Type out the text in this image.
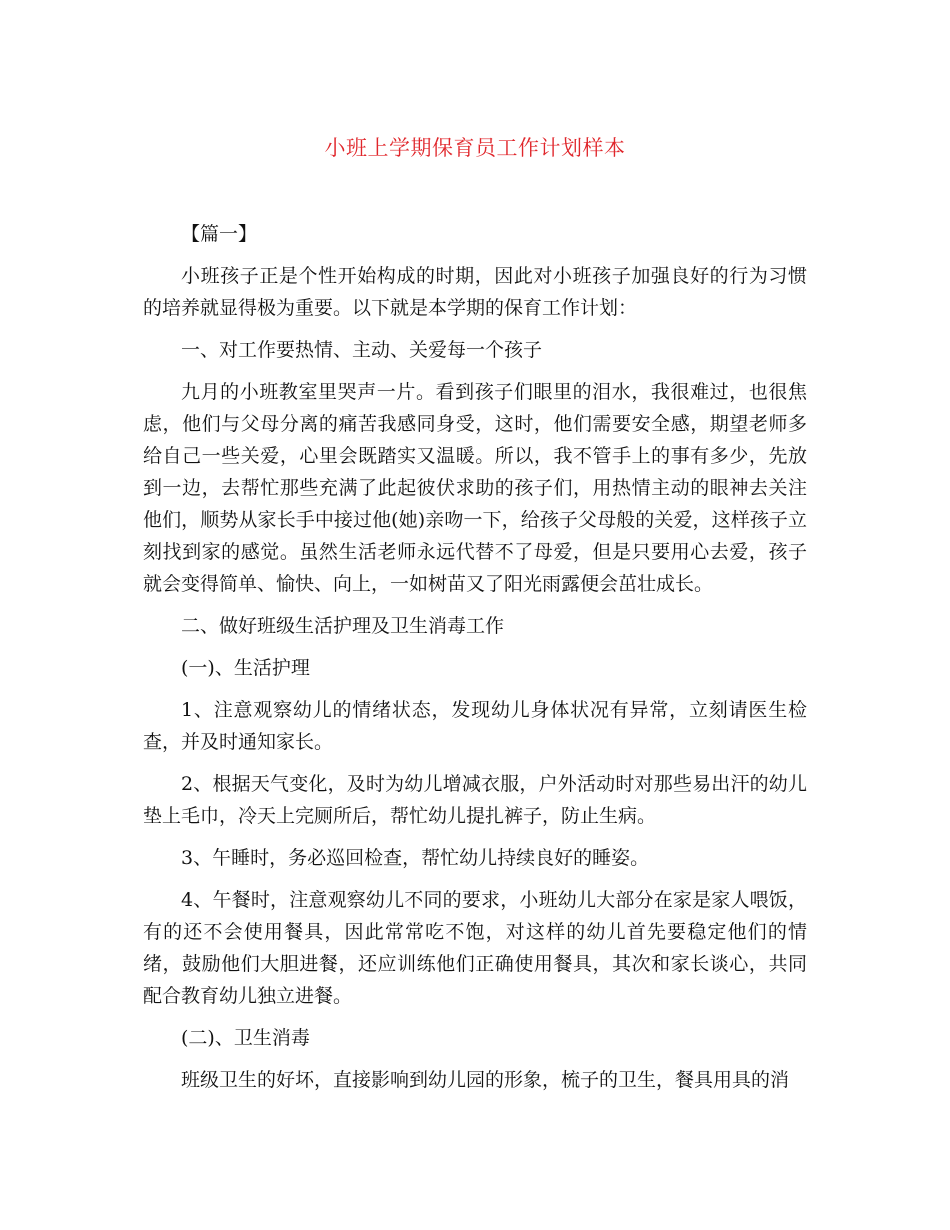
小班上学期保育员工作计划样本

【篇一】

小班孩子正是个性开始构成的时期，因此对小班孩子加强良好的行为习惯的培养就显得极为重要。以下就是本学期的保育工作计划：

一、对工作要热情、主动、关爱每一个孩子

九月的小班教室里哭声一片。看到孩子们眼里的泪水，我很难过，也很焦虑，他们与父母分离的痛苦我感同身受，这时，他们需要安全感，期望老师多给自己一些关爱，心里会既踏实又温暖。所以，我不管手上的事有多少，先放到一边，去帮忙那些充满了此起彼伏求助的孩子们，用热情主动的眼神去关注他们，顺势从家长手中接过他(她)亲吻一下，给孩子父母般的关爱，这样孩子立刻找到家的感觉。虽然生活老师永远代替不了母爱，但是只要用心去爱，孩子就会变得简单、愉快、向上，一如树苗又了阳光雨露便会茁壮成长。

二、做好班级生活护理及卫生消毒工作

(一)、生活护理

1、注意观察幼儿的情绪状态，发现幼儿身体状况有异常，立刻请医生检查，并及时通知家长。

2、根据天气变化，及时为幼儿增减衣服，户外活动时对那些易出汗的幼儿垫上毛巾，冷天上完厕所后，帮忙幼儿提扎裤子，防止生病。

3、午睡时，务必巡回检查，帮忙幼儿持续良好的睡姿。

4、午餐时，注意观察幼儿不同的要求，小班幼儿大部分在家是家人喂饭，有的还不会使用餐具，因此常常吃不饱，对这样的幼儿首先要稳定他们的情绪，鼓励他们大胆进餐，还应训练他们正确使用餐具，其次和家长谈心，共同配合教育幼儿独立进餐。

(二)、卫生消毒

班级卫生的好坏，直接影响到幼儿园的形象，梳子的卫生，餐具用具的消
